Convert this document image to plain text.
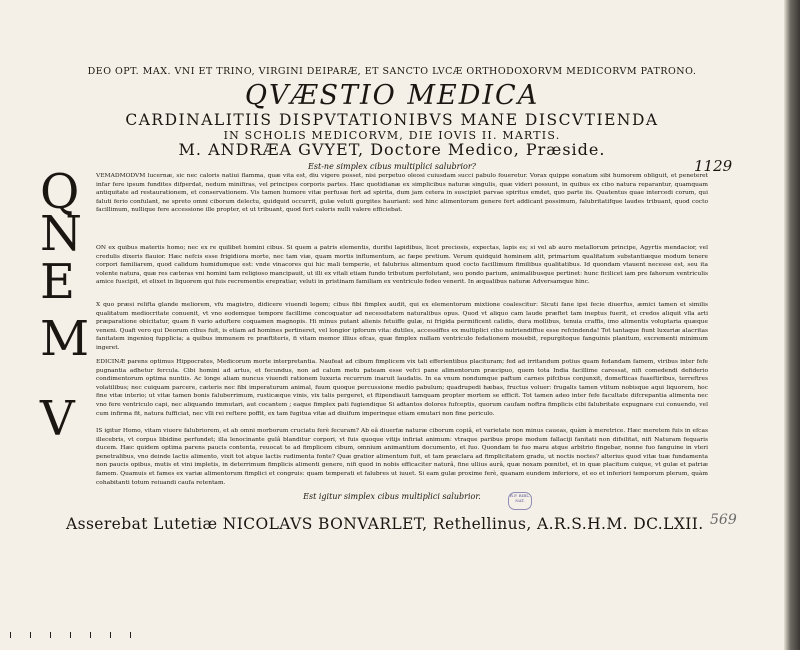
DEO OPT. MAX. VNI ET TRINO, VIRGINI DEIPARÆ, ET SANCTO LVCÆ ORTHODOXORVM MEDICORVM PATRONO.
QVÆSTIO MEDICA
CARDINALITIIS DISPVTATIONIBVS MANE DISCVTIENDA
IN SCHOLIS MEDICORVM, DIE IOVIS II. MARTIS.
M. ANDRÆA GVYET, Doctore Medico, Præside.
Est-ne simplex cibus multiplici salubrior?	1129
Q	VEMADMODVM lucernæ, sic nec caloris natiui flamma, quæ vita est, diu vigere posset, nisi perpetuo oleosi cuiusdam succi pabulo foueretur. Vorax quippe eonatum sibi humorem obliguit, et peneteret infar fere ipsum fundites difperdat, nedum minifiras, vel principes corporis partes. Hæc quotidianæ ex simplicibus naturæ singulis, quæ videri possunt, in quibus ex cibo natura reparantur, quamquam antiquitate ad restaurationem, et conservationem. Vis tamen humore vitæ perfusæ fert ad spirita, dum jam cetera in suscipiet parvae spiritus emdet, quo parte iis. Quatentus quae intercedi corum, qui faluti ferio confulant, ne spreto omni ciborum delectu, quidquid occurrit, gulæ veluti gurgites hauriant: sed hinc alimentorum genere fert addicant possimum, falubritatifque laudes tribuant, quod cocto facillimum, nullique fere accessione ille propter, et ut tribuant, quod fert caloris nulli valere efficiebat.
N ON ex quibus materiis homo; nec ex re quilibet homini cibus. Si quem a patris elementis, durifsi lapidibus, licet preciosis, expectas, lapis es; si vel ab auro metallorum principe, Agyrtis mendacior, vel credulis dixeris flauior. Hæc nefcis esse frigidiora morte, nec tam viæ, quam mortis influmentum, ac fæpe pretium. Verum quidquid hominem alit, primarium qualitatum substantiæque modum tenere corpori familiarem, quod calidum humidumque est: vnde vinacores qui hic mali temperie, et falubrius alimentum quod cocto facillimum fimilibus qualitatibus. Id quondam vtauent necesse est, seu ita volente natura, quæ res cæteras vni homini tam religioso mancipauit, ut illi ex vitali etiam fundo tributum perfolutant, seu pondo parium, animalibusque pertinet: hunc ficilicet iam pre fahorum ventriculis amice fuscipit, et elixet in liquorem qui fuis recrementis erepratiar, veluti in pristinam familiam ex ventriculo fedeo venerit. In æqualibus naturæ Adversamque hinc.
E	X quo præsi relifta glande meliorem, vfu magistro, didicere viuendi legem; cibus fibi fimplex audit, qui ex elementorum mixtione coalescitur: Sicuti fane ipsi fecie diuerfus, æmici tamen et similis qualitatum mediocritate conuenit, vt vno eodemque tempore facillime concoquatur ad necessitatem naturalibus opus. Quod vt aliquo cam laude præftet tam ineptus fuerit, et credos aliquit vlla arti præparatione obicitatur, quam fi vario aduftere coquamen magnopis. Hi minus putant alienis fetuiffe gulæ, ni frigida permificent calidis, dura mollibus, tenuia craffis, imo alimentis voluptaria quæque veneni. Quafi vero qui Deorum cibus fuit, is etiam ad homines pertineret, vel longior ipforum vita: dutiles, accessiffes ex multiplici cibo nutriendiffue esse refcindenda! Tot tantaque fiunt luxuriæ alacritas fanitatem ingenioq fupplicia; a quibus immunem re præftiteris, fi vitam memor illius efcas, quæ fimplex nullam ventriculo fedationem mouebit, repurgitoque fanguinis planitum, excrementi minimum ingeret.
M EDICINÆ parens optimus Hippocrates, Medicorum morte interpretantia. Naufeat ad cibum fimplicem vix tali efferientibus placituram; fed ad irritandum potius quam fedandam famem, viribus inter fefe pugnantia adhetur fercula. Cibi homini ad artus, et fecundus, non ad calum metu pateam esse vefci pane alimentorum præcipuo, quem tota India facillime caressat, nifi comedendi defiderio condimentorum optima nuntiis. Ac longe aliam nuncus viuendi rationem luxuria recurrum inaruit laudatis. In ea vnum nondumque paftum carnes pifcibus conjunxit, domefticas fuaeftiribus, terreftres volatilibus; nec cuiquam parcere, cæteris nec fibi imperaturum animal, fuum quoque percussione medio pabulum; quadrupedi hæbas, fructus voluer: frugalis tamen vtitum nobisque aqui liquorem, hoc fine vitæ interio; ut vitæ tamen bonis faluberrimum, rusticæque vinis, vix talis pergeret, et ftipendiauit tamquam propter mortem se efficit. Tot tamen adeo inter fefe facultate difcrepantia alimenta nec vno fere ventriculo capi, nec aliquando immutari, aut cocantem ; eaque fimplex pati fugiendique Si adtantos dolores fufceptis, quorum caufam noftra fimplicis cibi falubritate expugnare cui conuendo, vel cum infirma fit, natura fufficiat, nec vlli rei reftere poffit, ex tam fugitua vitæ ad diuifum imperinque etiam emutari non fine periculo.
V	IS igitur Homo, vitam viuere falubriorem, et ab omni morborum cruciatu ferè fecuram? Ab eâ diuerfæ naturæ ciborum copiâ, et varietate non minus caueas, quàm à meretrice. Hæc meretem fuis in efcas illecebris, vt corpus libidine perfundet; illa lenocinante gulâ blanditur corpori, vt fuis quoque vitijs infiriat animum: vtraque paribus prope modum fallaciji fanitati non difsilitat, nifi Naturam fequaris ducem. Hæc quidem optima parens paucis contenta, reuocat te ad fimplicem cibum, omnium animantium documento, et fuo. Quondam te fuo maru atque arbitrio fingebar, nonne fuo fanguine in vteri penetralibus, vno deinde lactis alimento, vixit tot atque lactis rudimenta fonte? Quæ gratior alimentum fuit, et tam præclara ad fimplicitatem gradu, ut noctis noctes? alterius quod vitæ tuæ fundamenta non paucis opibus, mutis et vini impletis, in deterrimum fimplicis alimenti genere, nifi quod in nobis efficaciter naturâ, fine ullius aurâ, quæ noxam pœnitet, et in quæ placitum cuique, vt gulæ et patriæ famem. Quamuis et fames ex variæ alimentorum fimplici et congruis: quam temperati et falubres ut iuuet. Si eam gulæ proxime ferè, quanam eundem inferiore, et eo et inferiori temporum plerum, quàm cohabitanti totum reiuandi caufa retentam.
Est igitur simplex cibus multiplici salubrior.	R.F. BIBL. NAT.
569
Asserebat Lutetiæ NICOLAVS BONVARLET, Rethellinus, A.R.S.H.M. DC.LXII.
